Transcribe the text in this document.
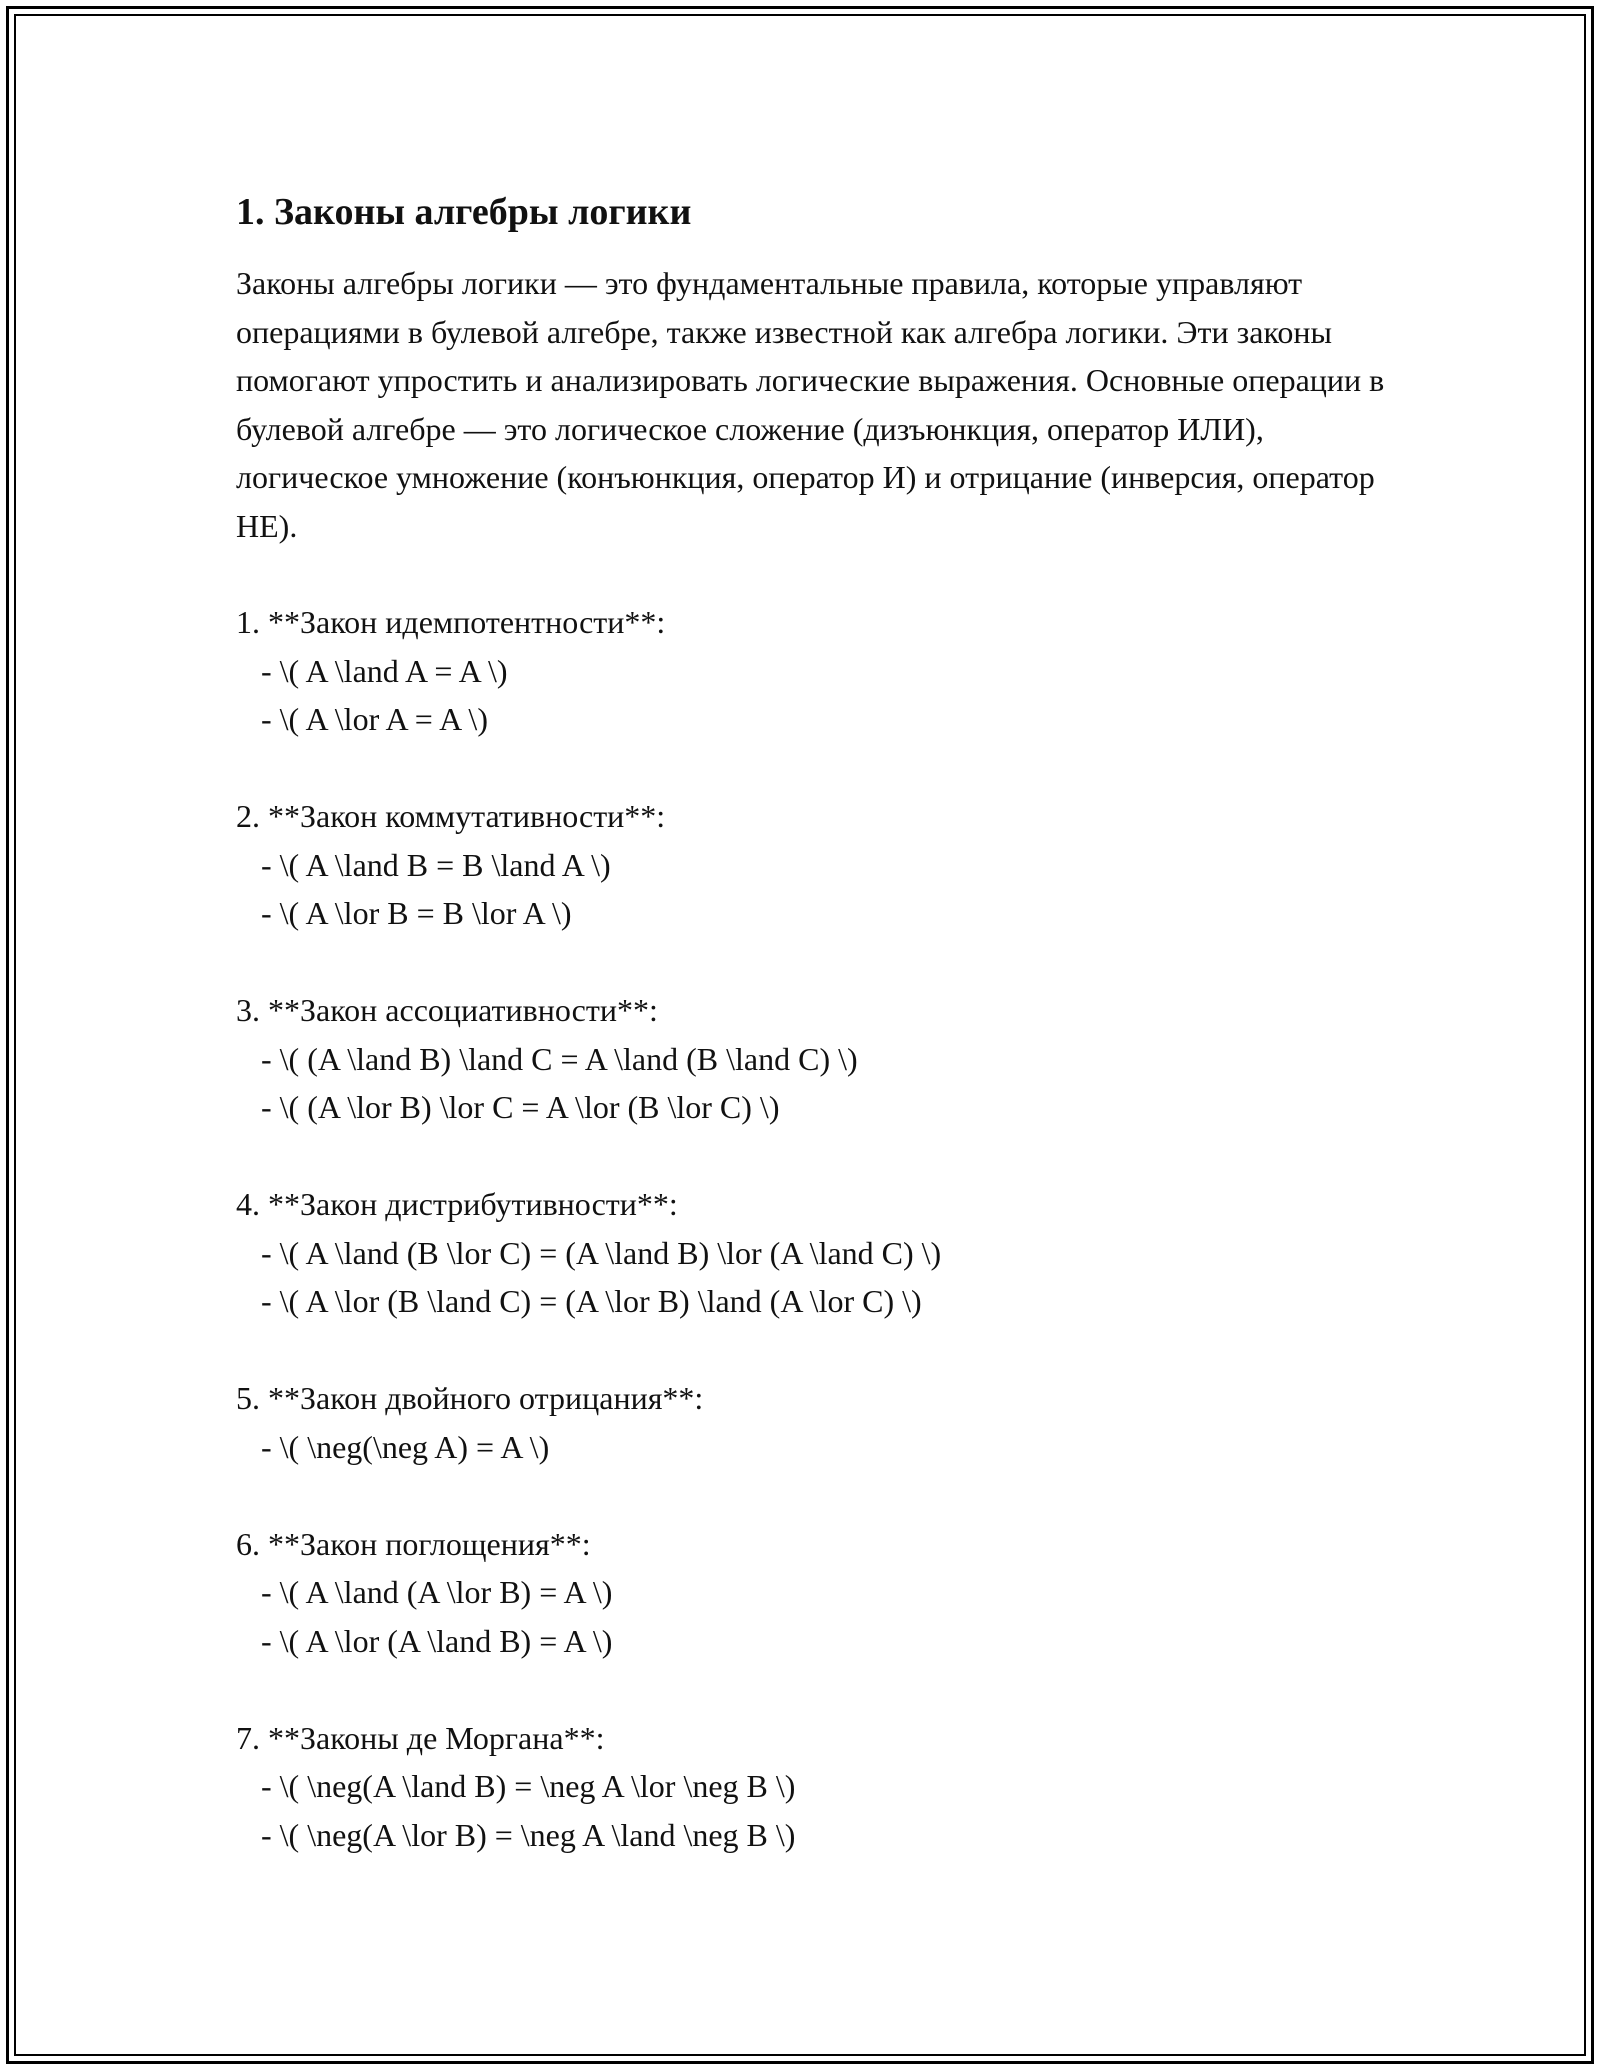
1. Законы алгебры логики

Законы алгебры логики — это фундаментальные правила, которые управляют операциями в булевой алгебре, также известной как алгебра логики. Эти законы помогают упростить и анализировать логические выражения. Основные операции в булевой алгебре — это логическое сложение (дизъюнкция, оператор ИЛИ), логическое умножение (конъюнкция, оператор И) и отрицание (инверсия, оператор НЕ).

1. **Закон идемпотентности**:
- \( A \land A = A \)
- \( A \lor A = A \)
2. **Закон коммутативности**:
- \( A \land B = B \land A \)
- \( A \lor B = B \lor A \)
3. **Закон ассоциативности**:
- \( (A \land B) \land C = A \land (B \land C) \)
- \( (A \lor B) \lor C = A \lor (B \lor C) \)
4. **Закон дистрибутивности**:
- \( A \land (B \lor C) = (A \land B) \lor (A \land C) \)
- \( A \lor (B \land C) = (A \lor B) \land (A \lor C) \)
5. **Закон двойного отрицания**:
- \( \neg(\neg A) = A \)
6. **Закон поглощения**:
- \( A \land (A \lor B) = A \)
- \( A \lor (A \land B) = A \)
7. **Законы де Моргана**:
- \( \neg(A \land B) = \neg A \lor \neg B \)
- \( \neg(A \lor B) = \neg A \land \neg B \)
